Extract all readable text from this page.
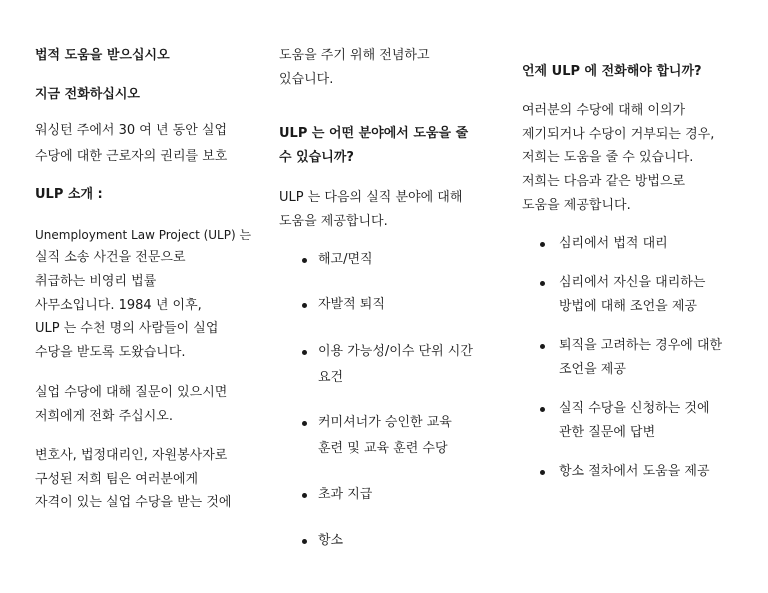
법적 도움을 받으십시오

지금 전화하십시오

워싱턴 주에서 30 여 년 동안 실업

수당에 대한 근로자의 권리를 보호

ULP 소개 :

Unemployment Law Project (ULP) 는

실직 소송 사건을 전문으로

취급하는 비영리 법률

사무소입니다. 1984 년 이후,

ULP 는 수천 명의 사람들이 실업

수당을 받도록 도왔습니다.

실업 수당에 대해 질문이 있으시면

저희에게 전화 주십시오.

변호사, 법정대리인, 자원봉사자로

구성된 저희 팀은 여러분에게

자격이 있는 실업 수당을 받는 것에

도움을 주기 위해 전념하고

있습니다.

ULP 는 어떤 분야에서 도움을 줄

수 있습니까?

ULP 는 다음의 실직 분야에 대해

도움을 제공합니다.

해고/면직
자발적 퇴직
이용 가능성/이수 단위 시간
요건
커미셔너가 승인한 교육
훈련 및 교육 훈련 수당
초과 지급
항소

언제 ULP 에 전화해야 합니까?

여러분의 수당에 대해 이의가

제기되거나 수당이 거부되는 경우,

저희는 도움을 줄 수 있습니다.

저희는 다음과 같은 방법으로

도움을 제공합니다.

심리에서 법적 대리
심리에서 자신을 대리하는
방법에 대해 조언을 제공
퇴직을 고려하는 경우에 대한
조언을 제공
실직 수당을 신청하는 것에
관한 질문에 답변
항소 절차에서 도움을 제공
